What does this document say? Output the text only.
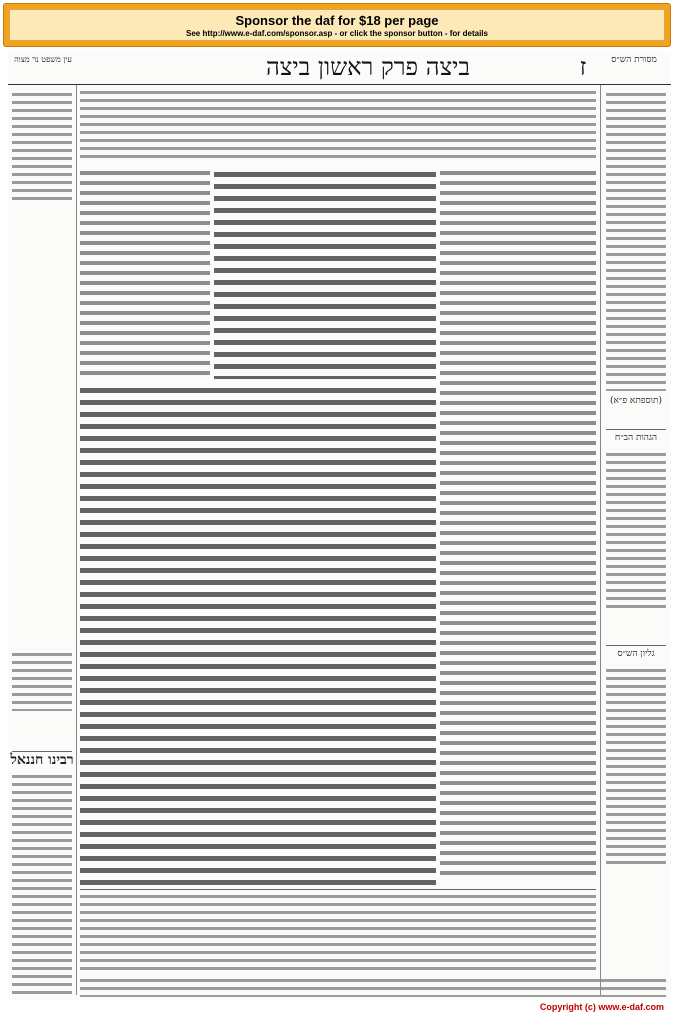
Sponsor the daf for $18 per page
See http://www.e-daf.com/sponsor.asp - or click the sponsor button - for details
עין משפט נר מצוה	ביצה פרק ראשון ביצה	ז	מסורת הש״ס
רבינו חננאל
(תוספתא פ״א)
הגהות הב״ח
גליון הש״ס
Copyright (c) www.e-daf.com
